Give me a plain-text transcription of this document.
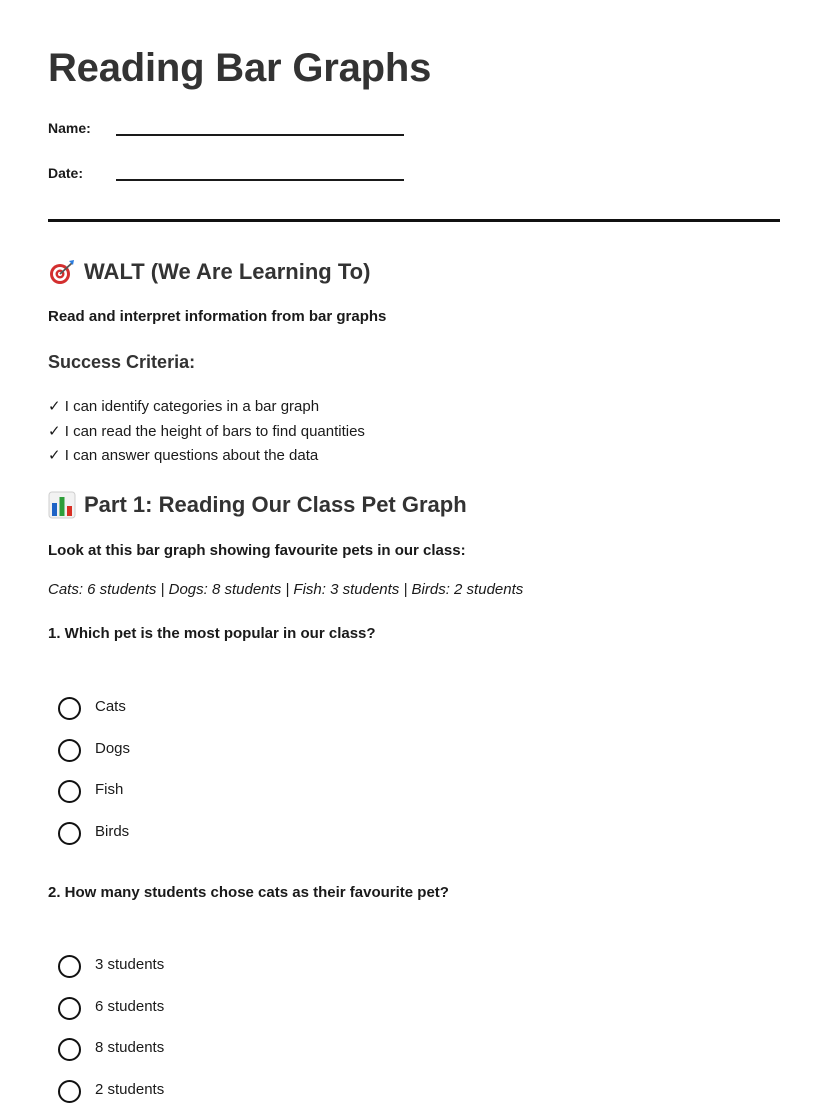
Reading Bar Graphs
Name:
Date:
WALT (We Are Learning To)
Read and interpret information from bar graphs
Success Criteria:
✓ I can identify categories in a bar graph
✓ I can read the height of bars to find quantities
✓ I can answer questions about the data
Part 1: Reading Our Class Pet Graph
Look at this bar graph showing favourite pets in our class:
Cats: 6 students | Dogs: 8 students | Fish: 3 students | Birds: 2 students
1. Which pet is the most popular in our class?
Cats
Dogs
Fish
Birds
2. How many students chose cats as their favourite pet?
3 students
6 students
8 students
2 students
